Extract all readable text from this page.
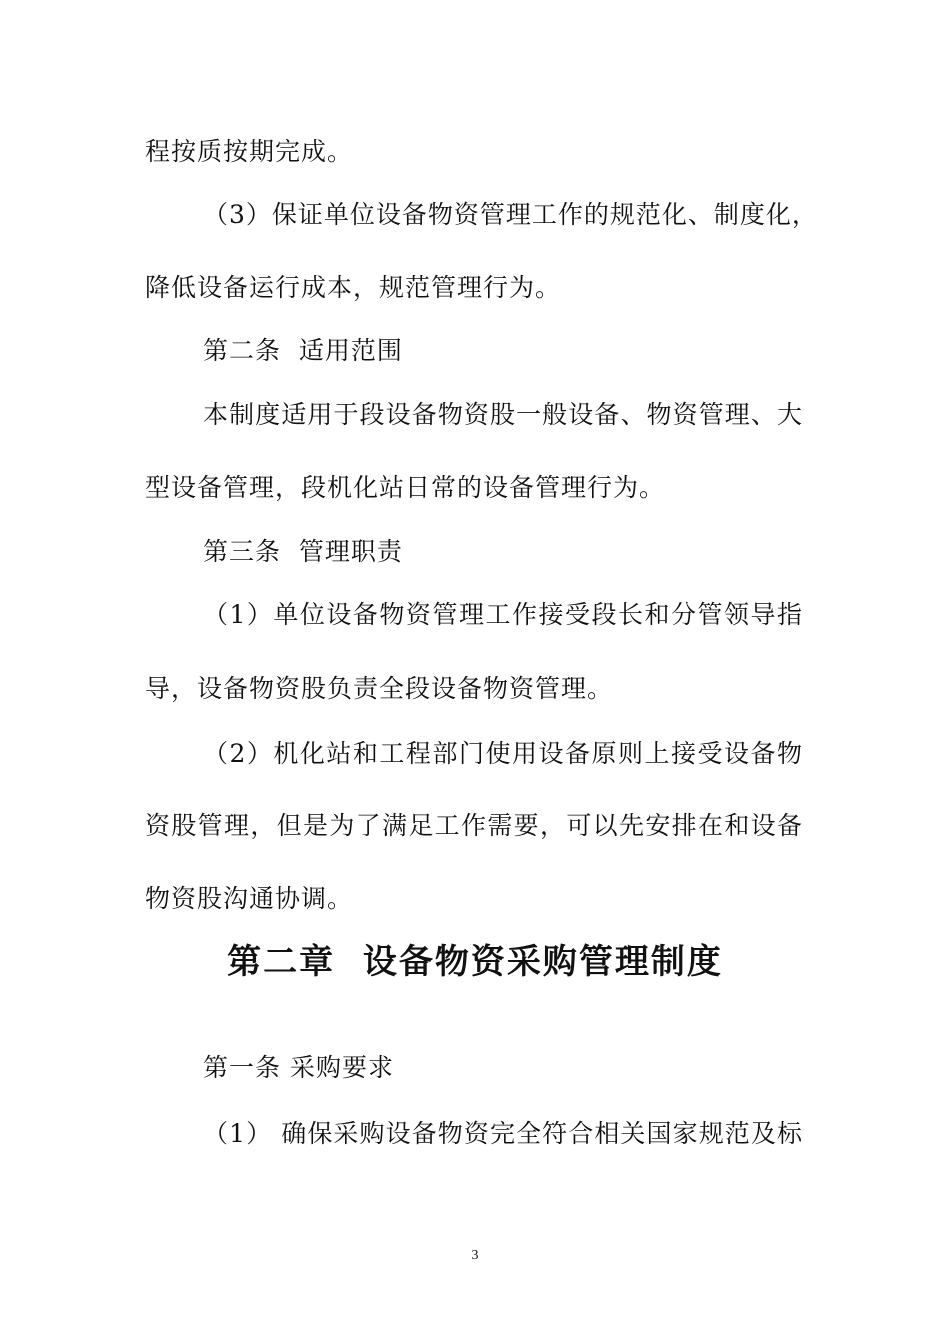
程按质按期完成。
（3）保证单位设备物资管理工作的规范化、制度化，
降低设备运行成本，规范管理行为。
第二条  适用范围
本制度适用于段设备物资股一般设备、物资管理、大
型设备管理，段机化站日常的设备管理行为。
第三条  管理职责
（1）单位设备物资管理工作接受段长和分管领导指
导，设备物资股负责全段设备物资管理。
（2）机化站和工程部门使用设备原则上接受设备物
资股管理，但是为了满足工作需要，可以先安排在和设备
物资股沟通协调。
第二章  设备物资采购管理制度
第一条 采购要求
（1） 确保采购设备物资完全符合相关国家规范及标
3
